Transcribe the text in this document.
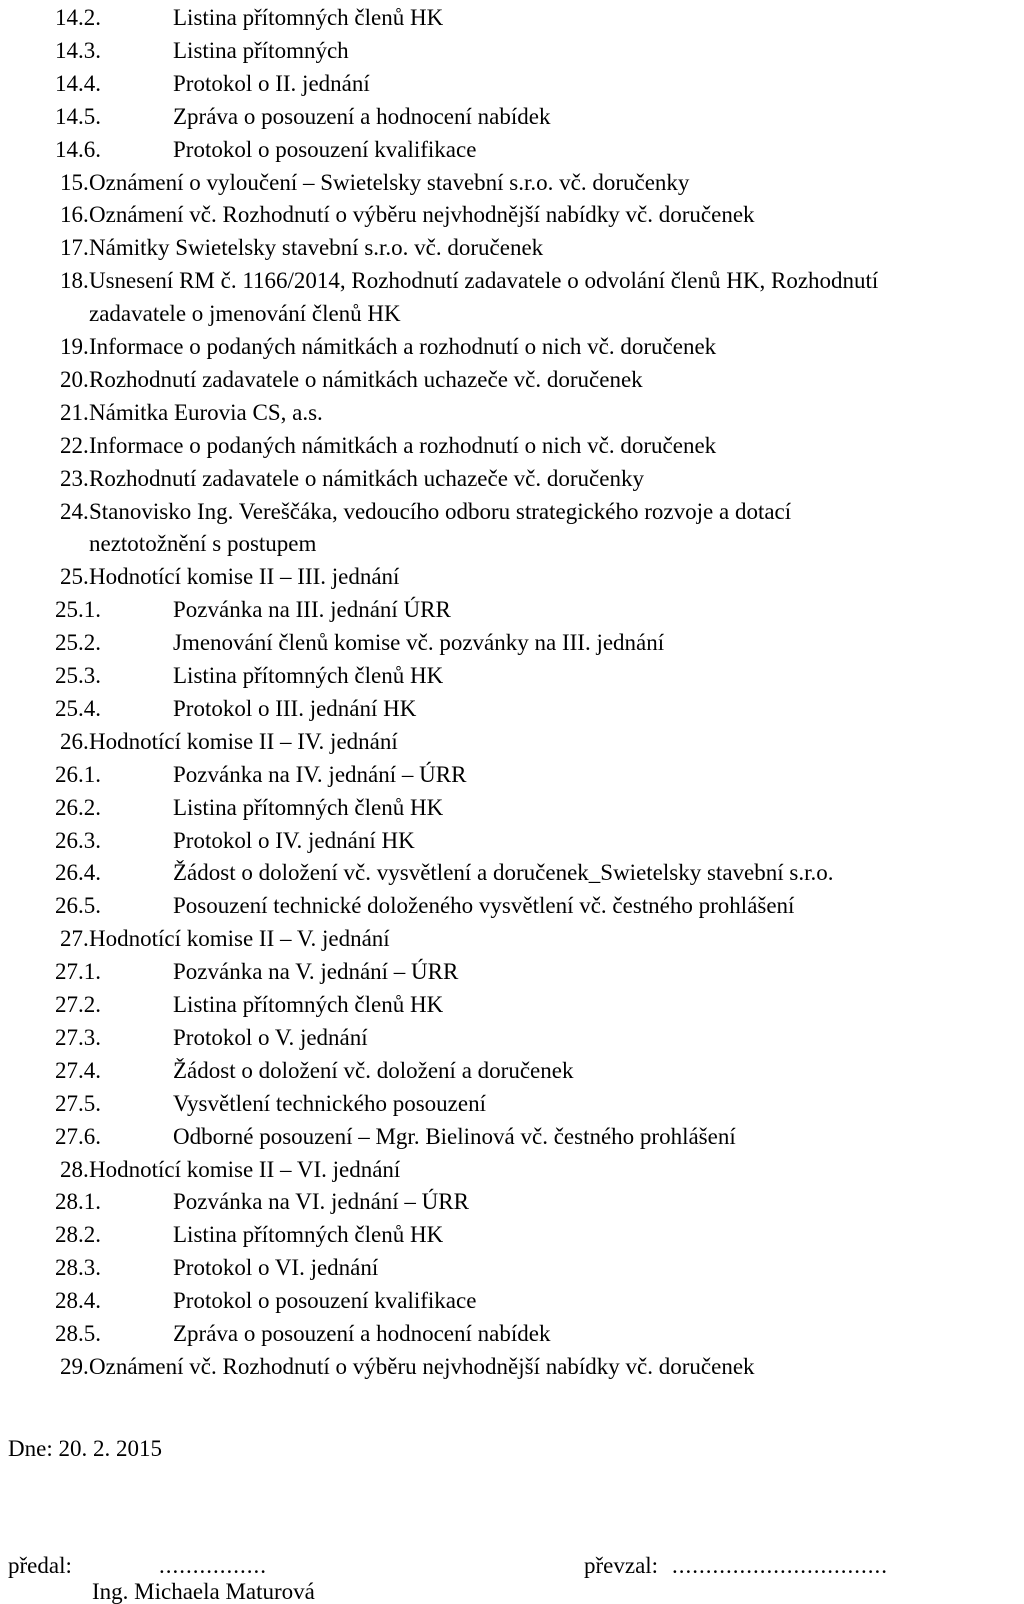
14.2.	Listina přítomných členů HK
14.3.	Listina přítomných
14.4.	Protokol o II. jednání
14.5.	Zpráva o posouzení a hodnocení nabídek
14.6.	Protokol o posouzení kvalifikace
15. Oznámení o vyloučení – Swietelsky stavební s.r.o. vč. doručenky
16. Oznámení vč. Rozhodnutí o výběru nejvhodnější nabídky vč. doručenek
17. Námitky Swietelsky stavební s.r.o. vč. doručenek
18. Usnesení RM č. 1166/2014, Rozhodnutí zadavatele o odvolání členů HK, Rozhodnutí
zadavatele o jmenování členů HK
19. Informace o podaných námitkách a rozhodnutí o nich vč. doručenek
20. Rozhodnutí zadavatele o námitkách uchazeče vč. doručenek
21. Námitka Eurovia CS, a.s.
22. Informace o podaných námitkách a rozhodnutí o nich vč. doručenek
23. Rozhodnutí zadavatele o námitkách uchazeče vč. doručenky
24. Stanovisko Ing. Vereščáka, vedoucího odboru strategického rozvoje a dotací
neztotožnění s postupem
25. Hodnotící komise II – III. jednání
25.1.	Pozvánka na III. jednání ÚRR
25.2.	Jmenování členů komise vč. pozvánky na III. jednání
25.3.	Listina přítomných členů HK
25.4.	Protokol o III. jednání HK
26. Hodnotící komise II – IV. jednání
26.1.	Pozvánka na IV. jednání – ÚRR
26.2.	Listina přítomných členů HK
26.3.	Protokol o IV. jednání HK
26.4.	Žádost o doložení vč. vysvětlení a doručenek_Swietelsky stavební s.r.o.
26.5.	Posouzení technické doloženého vysvětlení vč. čestného prohlášení
27. Hodnotící komise II – V. jednání
27.1.	Pozvánka na V. jednání – ÚRR
27.2.	Listina přítomných členů HK
27.3.	Protokol o V. jednání
27.4.	Žádost o doložení vč. doložení a doručenek
27.5.	Vysvětlení technického posouzení
27.6.	Odborné posouzení – Mgr. Bielinová vč. čestného prohlášení
28. Hodnotící komise II – VI. jednání
28.1.	Pozvánka na VI. jednání – ÚRR
28.2.	Listina přítomných členů HK
28.3.	Protokol o VI. jednání
28.4.	Protokol o posouzení kvalifikace
28.5.	Zpráva o posouzení a hodnocení nabídek
29. Oznámení vč. Rozhodnutí o výběru nejvhodnější nabídky vč. doručenek
Dne: 20. 2. 2015
předal:	................	převzal: ................................
Ing. Michaela Maturová
